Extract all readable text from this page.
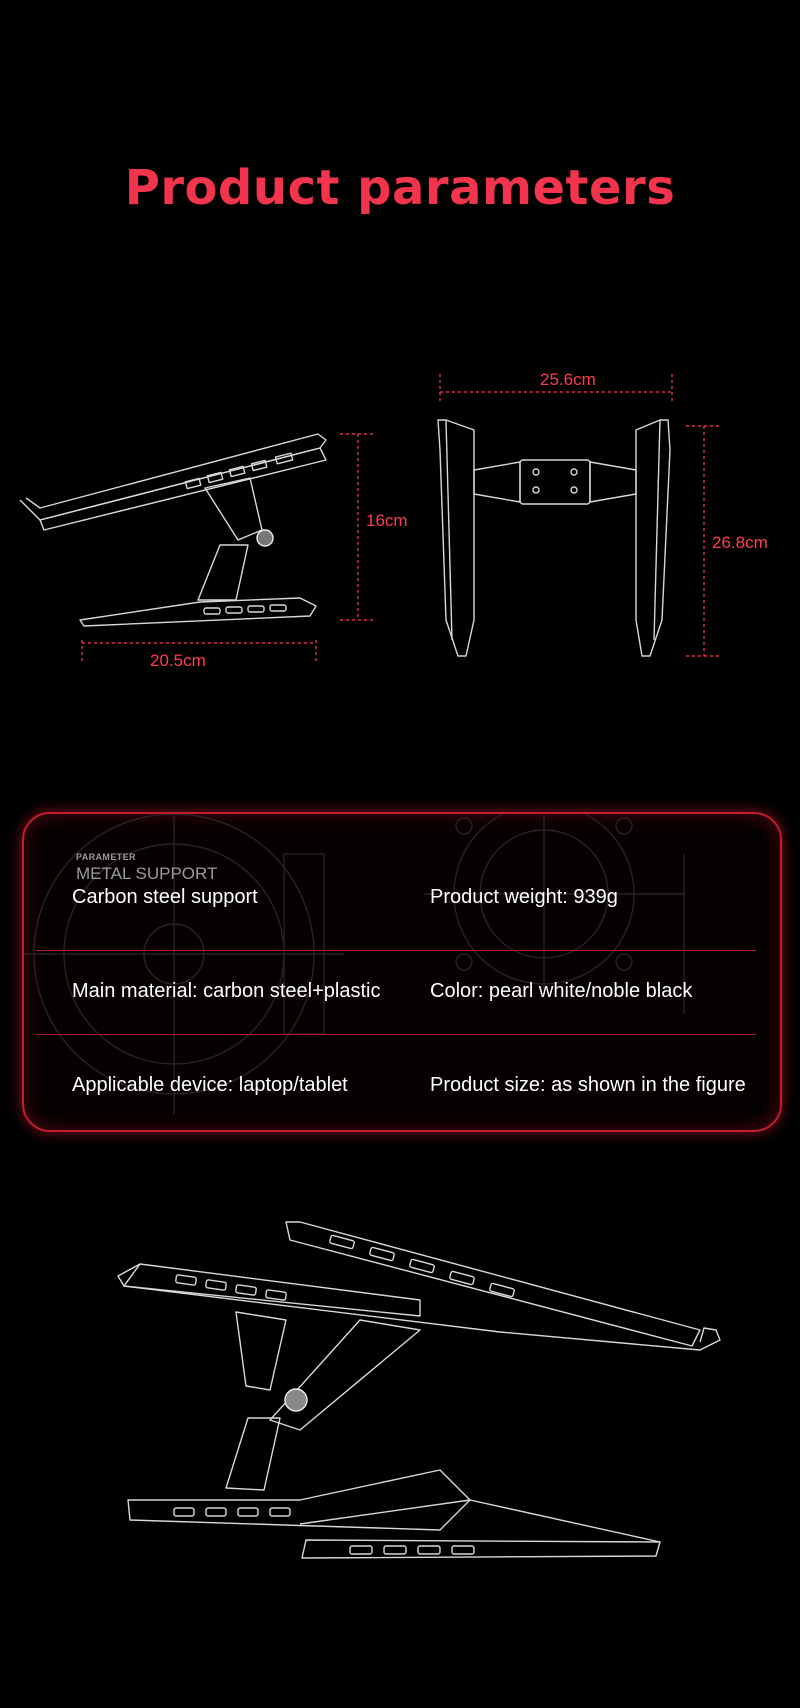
Product parameters
20.5cm
16cm
25.6cm
26.8cm
PARAMETER
METAL SUPPORT
Carbon steel support	Product weight: 939g
Main material: carbon steel+plastic Color: pearl white/noble black
Applicable device: laptop/tablet	Product size: as shown in the figure
